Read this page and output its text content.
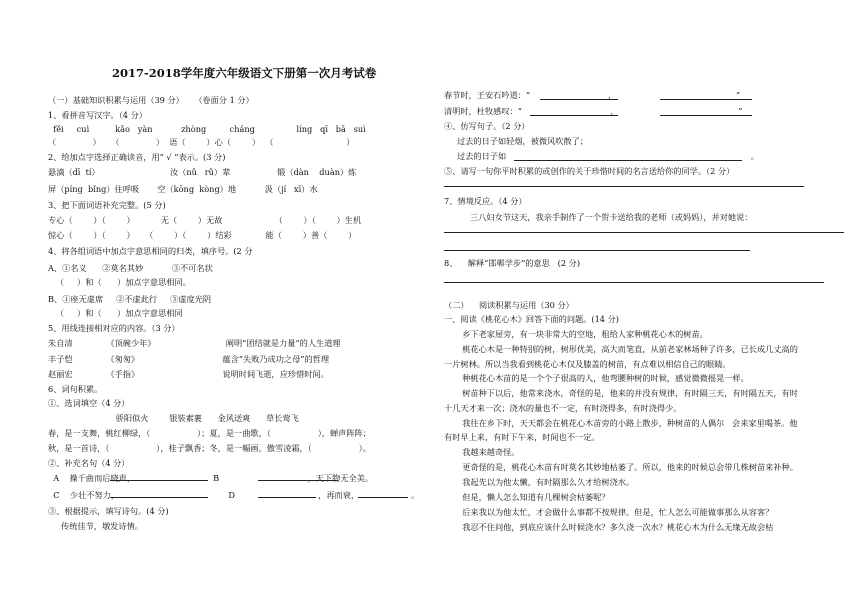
2017-2018学年度六年级语文下册第一次月考试卷
（一）基础知识积累与运用（39 分）    （卷面分 1 分）
1、看拼音写汉字。（4 分）
fěi     cuì          kǎo   yàn           zhòng         cháng                líng   qī   bā   suì
（              ）    （              ）  语（        ）心（        ）  （                            ）
2、给加点字选择正确读音，用“ √ ”表示。(3 分)
悬滴（dī  tí）                           汝（nǔ   rǔ）辈                  锻（dàn    duàn）炼
屏（píng  bǐng）住呼吸       空（kōng  kòng）地           汲（jí   xī）水
3、把下面词语补充完整。(5 分)
专心（        ）（        ）          无（        ）无故                    （        ）（        ）生机
惊心（        ）（        ）    （        ）（        ）结彩             能（        ）善（        ）
4、将各组词语中加点字意思相同的归类，填序号。(2 分
A、①名义      ②莫名其妙           ③不可名状
（     ）和（      ）加点字意思相同。
B、①座无虚席     ②不虚此行     ③虚度光阴
（     ）和（      ）加点字意思相同
5、用线连接相对应的内容。（3 分）
朱自清             《顶碗少年》                           阐明“团结就是力量”的人生道理
丰子恺             《匆匆》                                蕴含“失败乃成功之母”的哲理
赵丽宏             《手指》                                说明时间飞逝，应珍惜时间。
6、词句积累。
①、选词填空（4 分）
骄阳似火        银装素裹      金风送爽      草长莺飞
春，是一支舞，桃红柳绿，（                  ）；夏，是一曲歌，（                  ），蝉声阵阵；
秋，是一首诗，（                  ），桂子飘香；冬，是一幅画，傲雪凌霜，（                  ）。
②、补充名句（4 分）
A    操千曲而后晓声，                              B                                  ，天下物无全美。
C    少壮不努力，                                          D                                ，再而衰，                    。
③、根据提示，填写诗句。(4 分)
传统佳节，墩发诗情。
春节时，王安石吟道：“                              ，                                              ”
清明时，杜牧感叹：“                                  ，                                              ”
④、仿写句子。（2 分）
过去的日子如轻烟，被微风吹散了；
过去的日子如                                                                                              。
⑤、请写一句你平时积累的或创作的关于珍惜时间的名言送给你的同学。（2 分）
7、情境反应。（4 分）
三八妇女节这天，我亲手制作了一个贺卡送给我的老师（或妈妈），并对她说：
8、    解释“邯郸学步”的意思   (2 分)
（二）    阅读积累与运用（30 分）
一、阅读《桃花心木》回答下面的问题。(14 分)
乡下老家屋旁，有一块非常大的空地，租给人家种桃花心木的树苗。
桃花心木是一种特别的树，树形优美，高大而笔直，从前老家林场种了许多，已长成几丈高的
一片树林。所以当我看到桃花心木仅及膝盖的树苗，有点难以相信自己的眼睛。
种桃花心木苗的是一个个子很高的人，他弯腰种树的时候，感觉微微摇晃一样。
树苗种下以后，他常来浇水，奇怪的是，他来的并没有规律，有时隔三天，有时隔五天，有时
十几天才来一次；浇水的量也不一定，有时浇得多，有时浇得少。
我往在乡下时，天天都会在桃花心木苗旁的小路上散步，种树苗的人偶尔   会来家里喝茶。他
有时早上来，有时下午来，时间也不一定。
我越来越奇怪。
更奇怪的是，桃花心木苗有时莫名其妙地枯萎了。所以，他来的时候总会带几株树苗来补种。
我起先以为他太懒，有时隔那么久才给树浇水。
但是，懒人怎么知道有几棵树会枯萎呢？
后来我以为他太忙，才会做什么事都不按规律。但是，忙人怎么可能做事那么从容客？
我忍不住问他，到底应该什么时候浇水？多久浇一次水？桃花心木为什么无缘无故会枯
